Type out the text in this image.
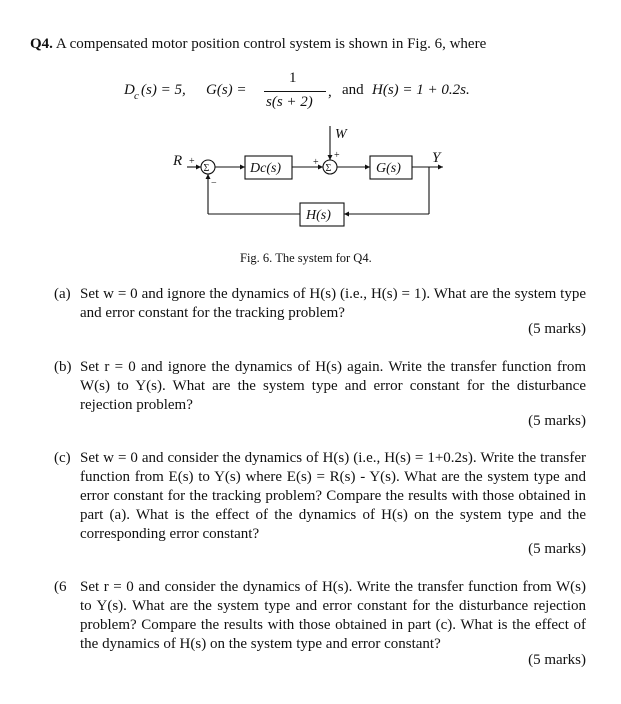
Q4. A compensated motor position control system is shown in Fig. 6, where
D c (s) = 5, G(s) =
1
s(s + 2)
, and H(s) = 1 + 0.2s.
R +
−
Σ	Dc(s)	+
+
Σ
W
G(s)
Y
H(s)
Fig. 6. The system for Q4.
(a) Set w = 0 and ignore the dynamics of H(s) (i.e., H(s) = 1). What are the system type and error constant for the tracking problem?
(5 marks)
(b) Set r = 0 and ignore the dynamics of H(s) again. Write the transfer function from W(s) to Y(s). What are the system type and error constant for the disturbance rejection problem?
(5 marks)
(c) Set w = 0 and consider the dynamics of H(s) (i.e., H(s) = 1+0.2s). Write the transfer function from E(s) to Y(s) where E(s) = R(s) - Y(s). What are the system type and error constant for the tracking problem? Compare the results with those obtained in part (a). What is the effect of the dynamics of H(s) on the system type and the corresponding error constant?
(5 marks)
(6 Set r = 0 and consider the dynamics of H(s). Write the transfer function from W(s) to Y(s). What are the system type and error constant for the disturbance rejection problem? Compare the results with those obtained in part (c). What is the effect of the dynamics of H(s) on the system type and error constant?
(5 marks)
